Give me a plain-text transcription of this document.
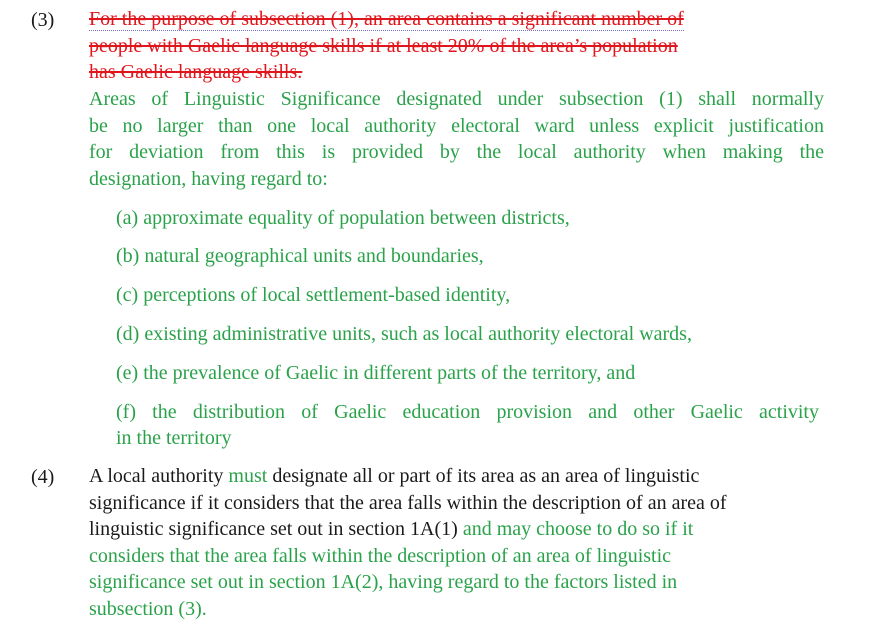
(3) For the purpose of subsection (1), an area contains a significant number of
people with Gaelic language skills if at least 20% of the area’s population
has Gaelic language skills.
Areas of Linguistic Significance designated under subsection (1) shall normally
be no larger than one local authority electoral ward unless explicit justification
for deviation from this is provided by the local authority when making the
designation, having regard to:
(a) approximate equality of population between districts,
(b) natural geographical units and boundaries,
(c) perceptions of local settlement-based identity,
(d) existing administrative units, such as local authority electoral wards,
(e) the prevalence of Gaelic in different parts of the territory, and
(f) the distribution of Gaelic education provision and other Gaelic activity
in the territory
(4) A local authority must designate all or part of its area as an area of linguistic
significance if it considers that the area falls within the description of an area of
linguistic significance set out in section 1A(1) and may choose to do so if it
considers that the area falls within the description of an area of linguistic
significance set out in section 1A(2), having regard to the factors listed in
subsection (3).
